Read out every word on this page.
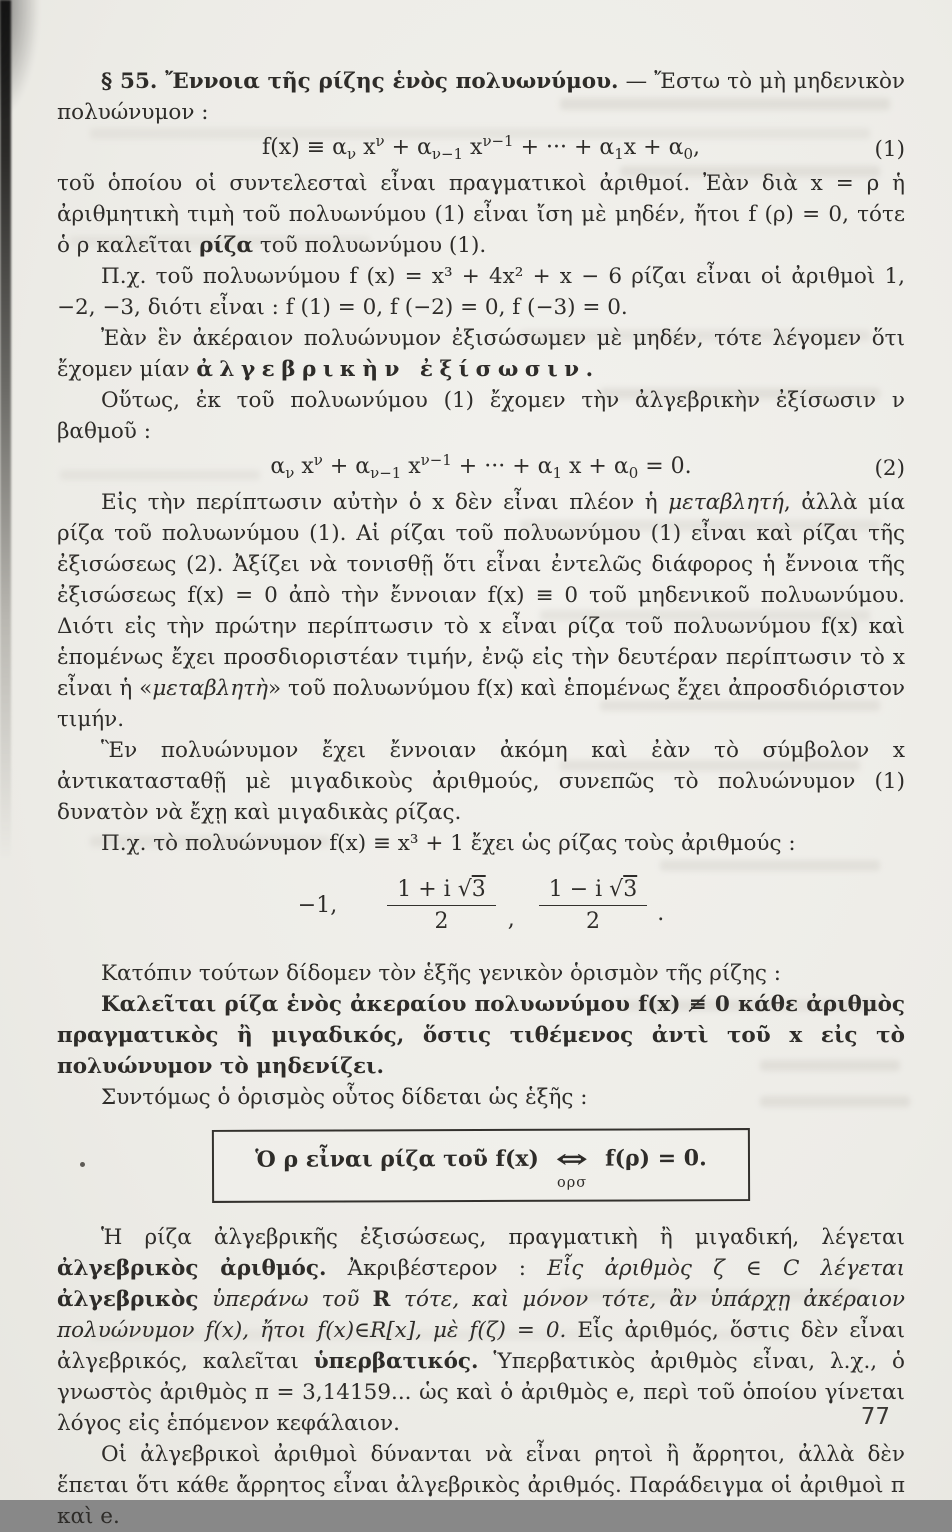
§ 55. Ἔννοια τῆς ρίζης ἑνὸς πολυωνύμου. — Ἔστω τὸ μὴ μηδενικὸν πολυώνυμον :

$f(x) \equiv \alpha_\nu$ $x^\nu + \alpha_{\nu-1}$ $x^{\nu-1}$ + ··· + $\alpha_1x + \alpha_0$,	(1)

τοῦ ὁποίου οἱ συντελεσταὶ εἶναι πραγματικοὶ ἀριθμοί. Ἐὰν διὰ x = ρ ἡ ἀριθμητικὴ τιμὴ τοῦ πολυωνύμου (1) εἶναι ἴση μὲ μηδέν, ἤτοι f (ρ) = 0, τότε ὁ ρ καλεῖται ρίζα τοῦ πολυωνύμου (1).

Π.χ. τοῦ πολυωνύμου f (x) = x³ + 4x² + x − 6 ρίζαι εἶναι οἱ ἀριθμοὶ 1, −2, −3, διότι εἶναι : f (1) = 0, f (−2) = 0, f (−3) = 0.

Ἐὰν ἓν ἀκέραιον πολυώνυμον ἐξισώσωμεν μὲ μηδέν, τότε λέγομεν ὅτι ἔχομεν μίαν ἀλγεβρικὴν ἐξίσωσιν.

Οὕτως, ἐκ τοῦ πολυωνύμου (1) ἔχομεν τὴν ἀλγεβρικὴν ἐξίσωσιν ν βαθμοῦ :

$\alpha_\nu$ $x^\nu + \alpha_{\nu-1}$ $x^{\nu-1}$ + ··· + $\alpha_1$ $x + \alpha_0 = 0$.	(2)

Εἰς τὴν περίπτωσιν αὐτὴν ὁ x δὲν εἶναι πλέον ἡ μεταβλητή, ἀλλὰ μία ρίζα τοῦ πολυωνύμου (1). Αἱ ρίζαι τοῦ πολυωνύμου (1) εἶναι καὶ ρίζαι τῆς ἐξισώσεως (2). Ἀξίζει νὰ τονισθῇ ὅτι εἶναι ἐντελῶς διάφορος ἡ ἔννοια τῆς ἐξισώσεως f(x) = 0 ἀπὸ τὴν ἔννοιαν f(x) ≡ 0 τοῦ μηδενικοῦ πολυωνύμου. Διότι εἰς τὴν πρώτην περίπτωσιν τὸ x εἶναι ρίζα τοῦ πολυωνύμου f(x) καὶ ἑπομένως ἔχει προσδιοριστέαν τιμήν, ἐνῷ εἰς τὴν δευτέραν περίπτωσιν τὸ x εἶναι ἡ «μεταβλητὴ» τοῦ πολυωνύμου f(x) καὶ ἑπομένως ἔχει ἀπροσδιόριστον τιμήν.

Ἓν πολυώνυμον ἔχει ἔννοιαν ἀκόμη καὶ ἐὰν τὸ σύμβολον x ἀντικατασταθῇ μὲ μιγαδικοὺς ἀριθμούς, συνεπῶς τὸ πολυώνυμον (1) δυνατὸν νὰ ἔχῃ καὶ μιγαδικὰς ρίζας.

Π.χ. τὸ πολυώνυμον f(x) ≡ x³ + 1 ἔχει ὡς ρίζας τοὺς ἀριθμούς :

−1, $\frac{1 + i √3}{2}$ , $\frac{1 - i √3}{2}$ .

Κατόπιν τούτων δίδομεν τὸν ἑξῆς γενικὸν ὁρισμὸν τῆς ρίζης :

Καλεῖται ρίζα ἑνὸς ἀκεραίου πολυωνύμου f(x) ≢ 0 κάθε ἀριθμὸς πραγματικὸς ἢ μιγαδικός, ὅστις τιθέμενος ἀντὶ τοῦ x εἰς τὸ πολυώνυμον τὸ μηδενίζει.

Συντόμως ὁ ὁρισμὸς οὗτος δίδεται ὡς ἑξῆς :

Ὁ ρ εἶναι ρίζα τοῦ f(x) ⇔
ορσ
f(ρ) = 0.

Ἡ ρίζα ἀλγεβρικῆς ἐξισώσεως, πραγματικὴ ἢ μιγαδική, λέγεται ἀλγεβρικὸς ἀριθμός. Ἀκριβέστερον : Εἷς ἀριθμὸς ζ ∈ C λέγεται ἀλγεβρικὸς ὑπεράνω τοῦ R τότε, καὶ μόνον τότε, ἂν ὑπάρχῃ ἀκέραιον πολυώνυμον f(x), ἤτοι f(x)∈R[x], μὲ f(ζ) = 0. Εἷς ἀριθμός, ὅστις δὲν εἶναι ἀλγεβρικός, καλεῖται ὑπερβατικός. Ὑπερβατικὸς ἀριθμὸς εἶναι, λ.χ., ὁ γνωστὸς ἀριθμὸς π = 3,14159... ὡς καὶ ὁ ἀριθμὸς e, περὶ τοῦ ὁποίου γίνεται λόγος εἰς ἑπόμενον κεφάλαιον.

Οἱ ἀλγεβρικοὶ ἀριθμοὶ δύνανται νὰ εἶναι ρητοὶ ἢ ἄρρητοι, ἀλλὰ δὲν ἕπεται ὅτι κάθε ἄρρητος εἶναι ἀλγεβρικὸς ἀριθμός. Παράδειγμα οἱ ἀριθμοὶ π καὶ e.

77
